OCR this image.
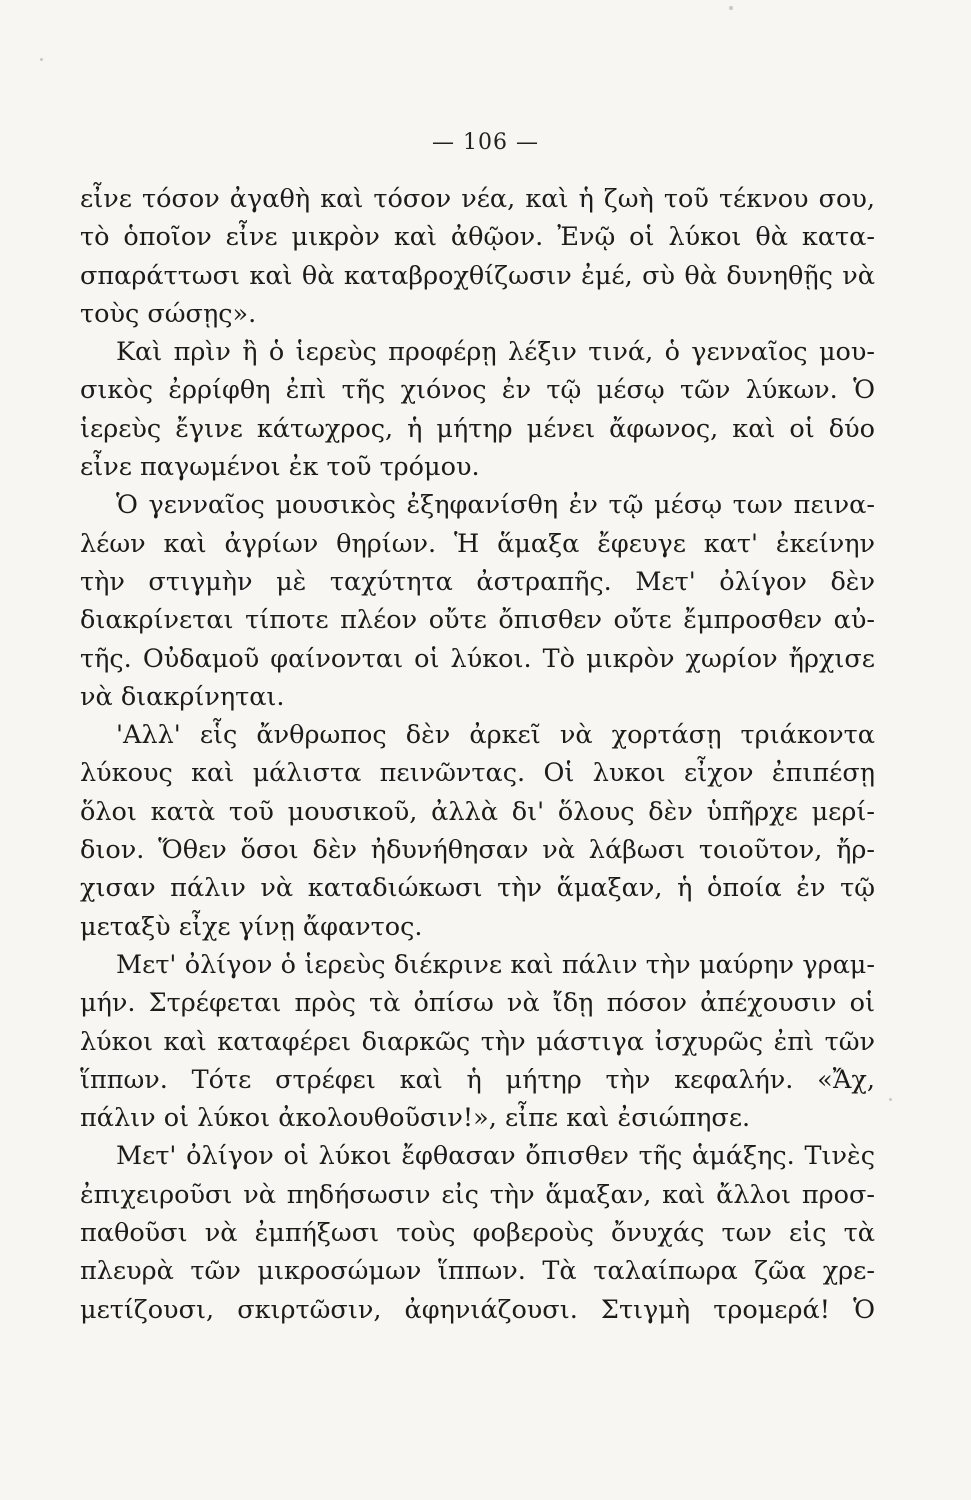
— 106 —
εἶνε τόσον ἀγαθὴ καὶ τόσον νέα, καὶ ἡ ζωὴ τοῦ τέκνου σου,
τὸ ὁποῖον εἶνε μικρὸν καὶ ἀθῷον. Ἐνῷ οἱ λύκοι θὰ κατα-
σπαράττωσι καὶ θὰ καταβροχθίζωσιν ἐμέ, σὺ θὰ δυνηθῇς νὰ
τοὺς σώσῃς».
Καὶ πρὶν ἢ ὁ ἱερεὺς προφέρῃ λέξιν τινά, ὁ γενναῖος μου-
σικὸς ἐρρίφθη ἐπὶ τῆς χιόνος ἐν τῷ μέσῳ τῶν λύκων. Ὁ
ἱερεὺς ἔγινε κάτωχρος, ἡ μήτηρ μένει ἄφωνος, καὶ οἱ δύο
εἶνε παγωμένοι ἐκ τοῦ τρόμου.
Ὁ γενναῖος μουσικὸς ἐξηφανίσθη ἐν τῷ μέσῳ των πεινα-
λέων καὶ ἀγρίων θηρίων. Ἡ ἅμαξα ἔφευγε κατ' ἐκείνην
τὴν στιγμὴν μὲ ταχύτητα ἀστραπῆς. Μετ' ὀλίγον δὲν
διακρίνεται τίποτε πλέον οὔτε ὄπισθεν οὔτε ἔμπροσθεν αὐ-
τῆς. Οὐδαμοῦ φαίνονται οἱ λύκοι. Τὸ μικρὸν χωρίον ἤρχισε
νὰ διακρίνηται.
'Αλλ' εἷς ἄνθρωπος δὲν ἀρκεῖ νὰ χορτάσῃ τριάκοντα
λύκους καὶ μάλιστα πεινῶντας. Οἱ λυκοι εἶχον ἐπιπέσῃ
ὅλοι κατὰ τοῦ μουσικοῦ, ἀλλὰ δι' ὅλους δὲν ὑπῆρχε μερί-
διον. Ὅθεν ὅσοι δὲν ἠδυνήθησαν νὰ λάβωσι τοιοῦτον, ἤρ-
χισαν πάλιν νὰ καταδιώκωσι τὴν ἅμαξαν, ἡ ὁποία ἐν τῷ
μεταξὺ εἶχε γίνῃ ἄφαντος.
Μετ' ὀλίγον ὁ ἱερεὺς διέκρινε καὶ πάλιν τὴν μαύρην γραμ-
μήν. Στρέφεται πρὸς τὰ ὀπίσω νὰ ἴδῃ πόσον ἀπέχουσιν οἱ
λύκοι καὶ καταφέρει διαρκῶς τὴν μάστιγα ἰσχυρῶς ἐπὶ τῶν
ἵππων. Τότε στρέφει καὶ ἡ μήτηρ τὴν κεφαλήν. «Ἄχ,
πάλιν οἱ λύκοι ἀκολουθοῦσιν!», εἶπε καὶ ἐσιώπησε.
Μετ' ὀλίγον οἱ λύκοι ἔφθασαν ὄπισθεν τῆς ἁμάξης. Τινὲς
ἐπιχειροῦσι νὰ πηδήσωσιν εἰς τὴν ἅμαξαν, καὶ ἄλλοι προσ-
παθοῦσι νὰ ἐμπήξωσι τοὺς φοβεροὺς ὄνυχάς των εἰς τὰ
πλευρὰ τῶν μικροσώμων ἵππων. Τὰ ταλαίπωρα ζῶα χρε-
μετίζουσι, σκιρτῶσιν, ἀφηνιάζουσι. Στιγμὴ τρομερά! Ὁ
